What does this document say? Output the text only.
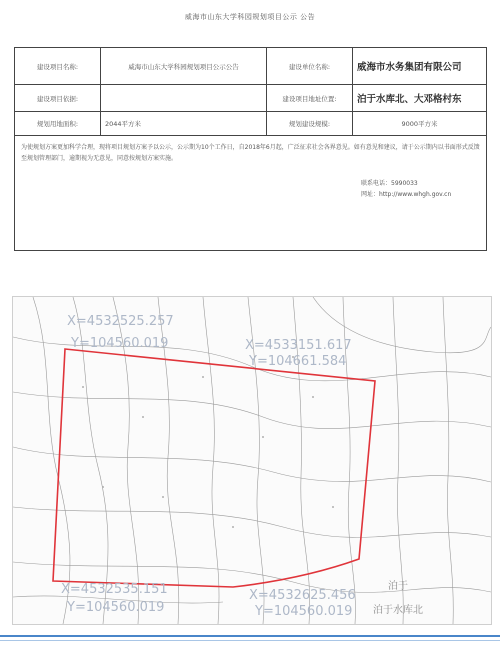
威海市山东大学科园规划项目公示 公告
建设项目名称:	威海市山东大学科园规划项目公示公告	建设单位名称:	威海市水务集团有限公司
建设项目依据:		建设项目地址位置:	泊于水库北、大邓格村东
规划用地面积:	2044平方米	规划建设规模:	9000平方米

为使规划方案更加科学合理，现将项目规划方案予以公示，公示期为10个工作日，自2018年6月起，广泛征求社会各界意见。如有意见和建议，请于公示期内以书面形式反馈至规划管理部门，逾期视为无意见，同意按规划方案实施。
联系电话：5990033
网址：http://www.whgh.gov.cn			
X=4532525.257
Y=104560.019	X=4533151.617
Y=104661.584
X=4532535.151
Y=104560.019
X=4532625.456
Y=104560.019
泊于
泊于水库北
